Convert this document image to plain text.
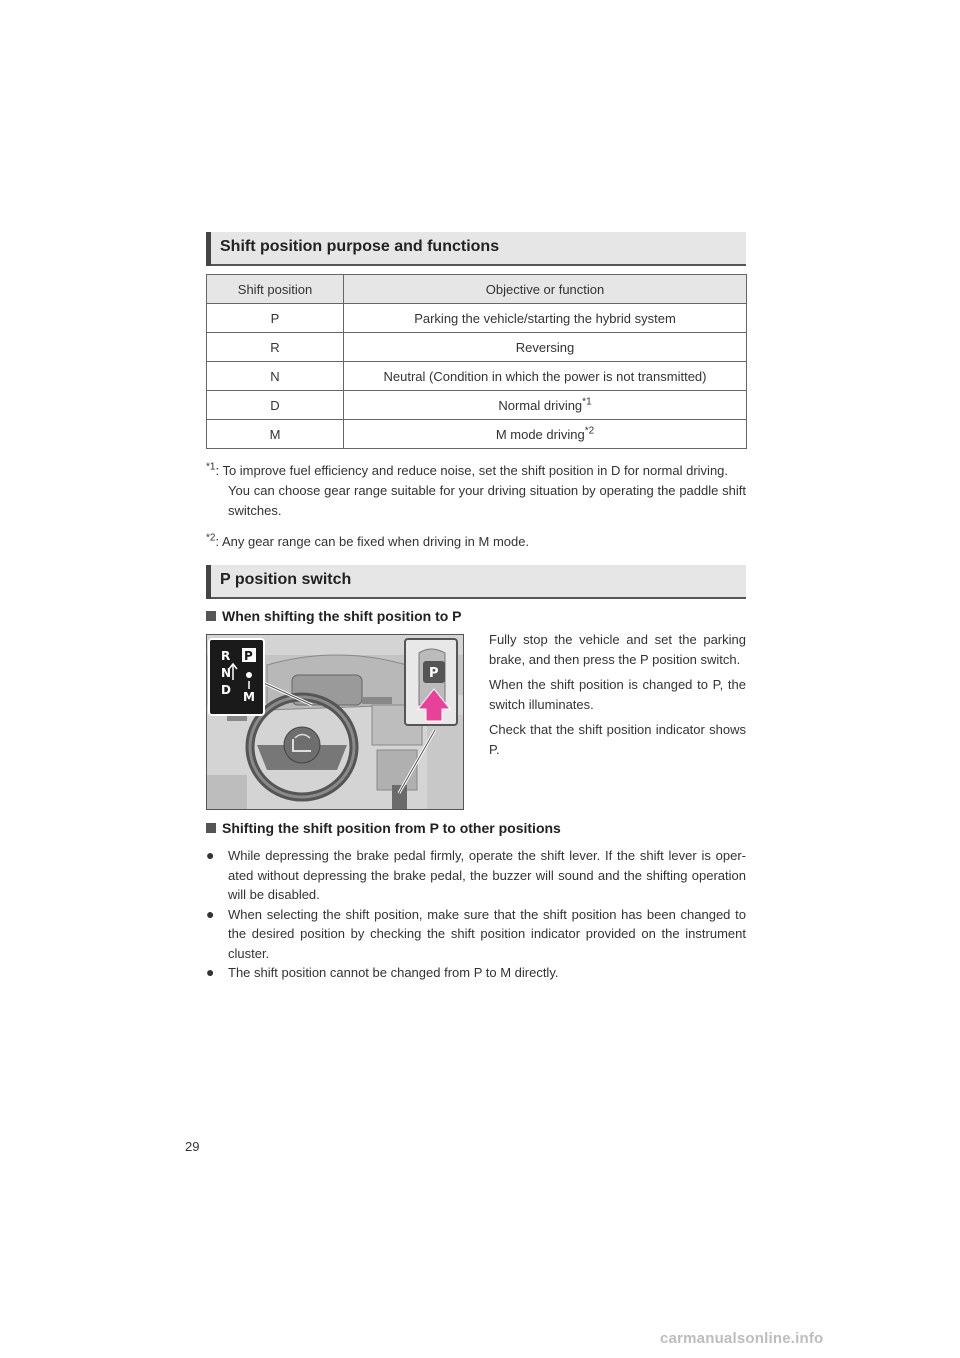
Shift position purpose and functions
Shift position	Objective or function
P	Parking the vehicle/starting the hybrid system
R	Reversing
N	Neutral (Condition in which the power is not transmitted)
D	Normal driving$^{*1}$
M	M mode driving$^{*2}$
$^{*1}$: To improve fuel efficiency and reduce noise, set the shift position in D for normal driving.
You can choose gear range suitable for your driving situation by operating the paddle shift switches.
$^{*2}$: Any gear range can be fixed when driving in M mode.
P position switch
When shifting the shift position to P
R
N
D
P
M
P
Fully stop the vehicle and set the parking brake, and then press the P position switch.
When the shift position is changed to P, the switch illuminates.
Check that the shift position indicator shows P.
Shifting the shift position from P to other positions
● While depressing the brake pedal firmly, operate the shift lever. If the shift lever is oper-ated without depressing the brake pedal, the buzzer will sound and the shifting operation will be disabled.
● When selecting the shift position, make sure that the shift position has been changed to the desired position by checking the shift position indicator provided on the instrument cluster.
● The shift position cannot be changed from P to M directly.
29
carmanualsonline.info
